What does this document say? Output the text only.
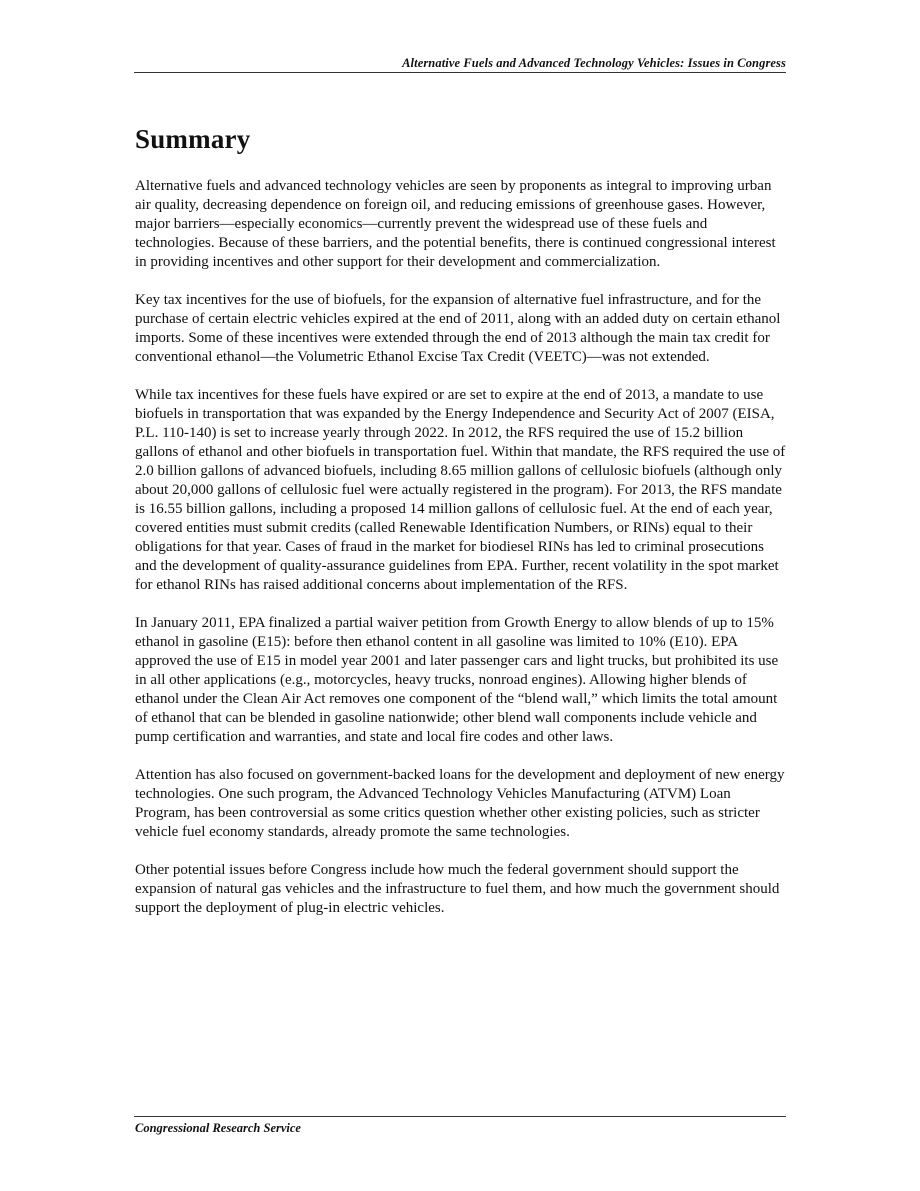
Alternative Fuels and Advanced Technology Vehicles: Issues in Congress
Summary

Alternative fuels and advanced technology vehicles are seen by proponents as integral to improving urban air quality, decreasing dependence on foreign oil, and reducing emissions of greenhouse gases. However, major barriers—especially economics—currently prevent the widespread use of these fuels and technologies. Because of these barriers, and the potential benefits, there is continued congressional interest in providing incentives and other support for their development and commercialization.

Key tax incentives for the use of biofuels, for the expansion of alternative fuel infrastructure, and for the purchase of certain electric vehicles expired at the end of 2011, along with an added duty on certain ethanol imports. Some of these incentives were extended through the end of 2013 although the main tax credit for conventional ethanol—the Volumetric Ethanol Excise Tax Credit (VEETC)—was not extended.

While tax incentives for these fuels have expired or are set to expire at the end of 2013, a mandate to use biofuels in transportation that was expanded by the Energy Independence and Security Act of 2007 (EISA, P.L. 110-140) is set to increase yearly through 2022. In 2012, the RFS required the use of 15.2 billion gallons of ethanol and other biofuels in transportation fuel. Within that mandate, the RFS required the use of 2.0 billion gallons of advanced biofuels, including 8.65 million gallons of cellulosic biofuels (although only about 20,000 gallons of cellulosic fuel were actually registered in the program). For 2013, the RFS mandate is 16.55 billion gallons, including a proposed 14 million gallons of cellulosic fuel. At the end of each year, covered entities must submit credits (called Renewable Identification Numbers, or RINs) equal to their obligations for that year. Cases of fraud in the market for biodiesel RINs has led to criminal prosecutions and the development of quality-assurance guidelines from EPA. Further, recent volatility in the spot market for ethanol RINs has raised additional concerns about implementation of the RFS.

In January 2011, EPA finalized a partial waiver petition from Growth Energy to allow blends of up to 15% ethanol in gasoline (E15): before then ethanol content in all gasoline was limited to 10% (E10). EPA approved the use of E15 in model year 2001 and later passenger cars and light trucks, but prohibited its use in all other applications (e.g., motorcycles, heavy trucks, nonroad engines). Allowing higher blends of ethanol under the Clean Air Act removes one component of the “blend wall,” which limits the total amount of ethanol that can be blended in gasoline nationwide; other blend wall components include vehicle and pump certification and warranties, and state and local fire codes and other laws.

Attention has also focused on government-backed loans for the development and deployment of new energy technologies. One such program, the Advanced Technology Vehicles Manufacturing (ATVM) Loan Program, has been controversial as some critics question whether other existing policies, such as stricter vehicle fuel economy standards, already promote the same technologies.

Other potential issues before Congress include how much the federal government should support the expansion of natural gas vehicles and the infrastructure to fuel them, and how much the government should support the deployment of plug-in electric vehicles.

Congressional Research Service
